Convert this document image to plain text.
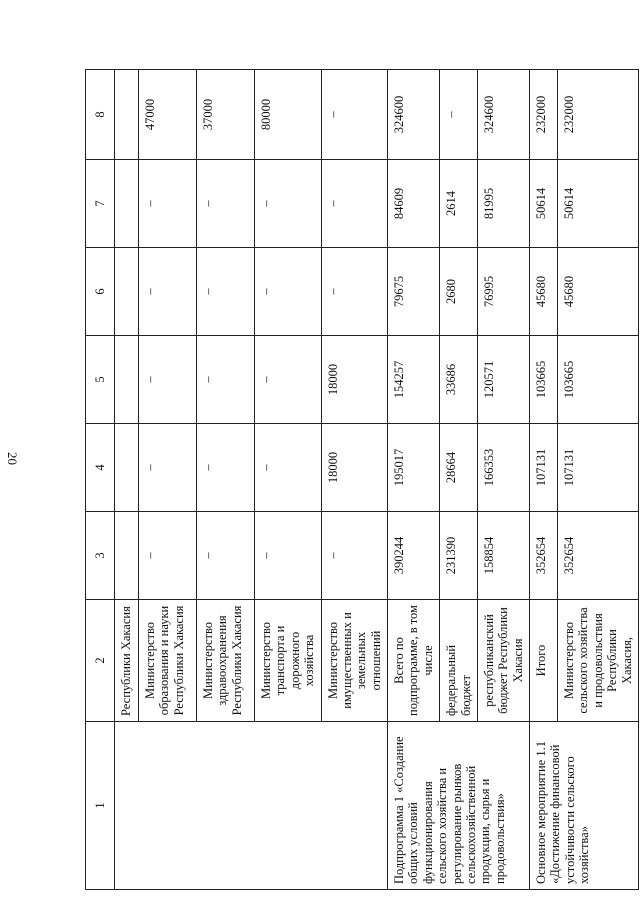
20
1	2	3	4	5	6	7	8
	Республики Хакасия						
	Министерство образования и науки Республики Хакасия	–	–	–	–	–	47000
	Министерство здравоохранения Республики Хакасия	–	–	–	–	–	37000
	Министерство транспорта и дорожного хозяйства	–	–	–	–	–	80000
	Министерство имущественных и земельных отношений	–	18000	18000	–	–	–
Подпрограмма 1 «Создание общих условий функционирования сельского хозяйства и регулирование рынков сельскохозяйственной продукции, сырья и продовольствия»	Всего по подпрограмме, в том числе	390244	195017	154257	79675	84609	324600
	федеральный бюджет	231390	28664	33686	2680	2614	–
	республиканский бюджет Республики Хакасия	158854	166353	120571	76995	81995	324600
Основное мероприятие 1.1 «Достижение финансовой устойчивости сельского хозяйства»	Итого	352654	107131	103665	45680	50614	232000
	Министерство сельского хозяйства и продовольствия Республики Хакасия,	352654	107131	103665	45680	50614	232000
